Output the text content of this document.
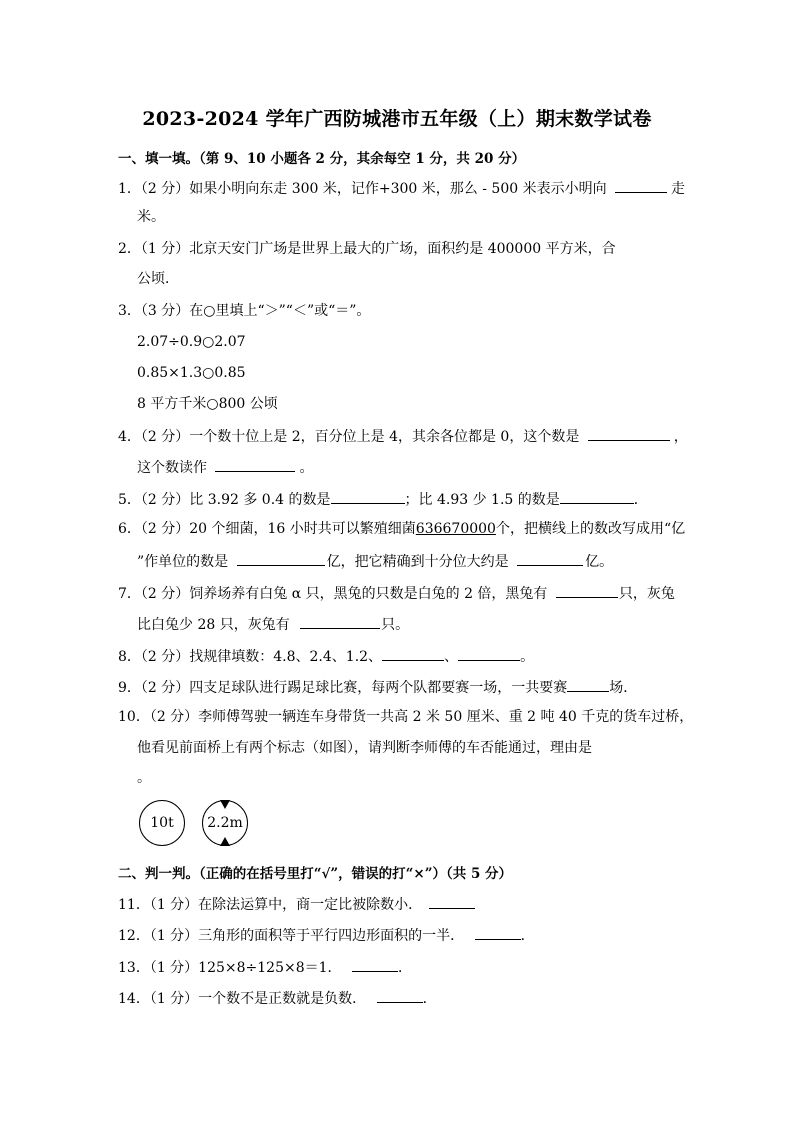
2023-2024 学年广西防城港市五年级（上）期末数学试卷
一、填一填。（第 9、10 小题各 2 分，其余每空 1 分，共 20 分）
1．（2 分）如果小明向东走 300 米，记作+300 米，那么 - 500 米表示小明向	走
米。
2．（1 分）北京天安门广场是世界上最大的广场，面积约是 400000 平方米，合
公顷．
3．（3 分）在○里填上“＞”“＜”或“＝”。
2.07÷0.9○2.07
0.85×1.3○0.85
8 平方千米○800 公顷
4．（2 分）一个数十位上是 2，百分位上是 4，其余各位都是 0，这个数是	，
这个数读作	。
5．（2 分）比 3.92 多 0.4 的数是	；比 4.93 少 1.5 的数是	．
6．（2 分）20 个细菌，16 小时共可以繁殖细菌636670000个，把横线上的数改写成用“亿
”作单位的数是	亿，把它精确到十分位大约是	亿。
7．（2 分）饲养场养有白兔 α 只，黑兔的只数是白兔的 2 倍，黑兔有	只，灰兔
比白兔少 28 只，灰兔有	只。
8．（2 分）找规律填数：4.8、2.4、1.2、	、	。
9．（2 分）四支足球队进行踢足球比赛，每两个队都要赛一场，一共要赛	场．
10．（2 分）李师傅驾驶一辆连车身带货一共高 2 米 50 厘米、重 2 吨 40 千克的货车过桥，
他看见前面桥上有两个标志（如图），请判断李师傅的车否能通过，理由是
。
10t 2.2m
二、判一判。（正确的在括号里打“√”，错误的打“×”）（共 5 分）
11．（1 分）在除法运算中，商一定比被除数小．
12．（1 分）三角形的面积等于平行四边形面积的一半．	．
13．（1 分）125×8÷125×8＝1．	．
14．（1 分）一个数不是正数就是负数．	．
